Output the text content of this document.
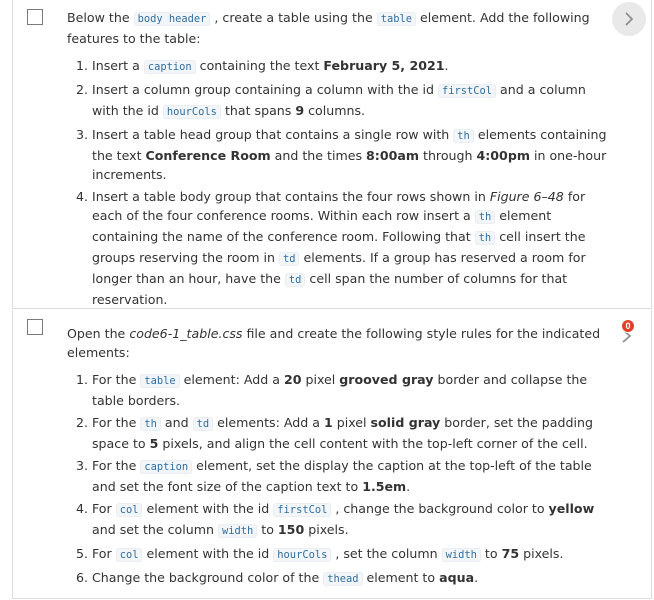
Below the body header , create a table using the table element. Add the following features to the table:

1. Insert a caption containing the text February 5, 2021.
2. Insert a column group containing a column with the id firstCol and a column with the id hourCols that spans 9 columns.
3. Insert a table head group that contains a single row with th elements containing the text Conference Room and the times 8:00am through 4:00pm in one-hour increments.
4. Insert a table body group that contains the four rows shown in Figure 6–48 for each of the four conference rooms. Within each row insert a th element containing the name of the conference room. Following that th cell insert the groups reserving the room in td elements. If a group has reserved a room for longer than an hour, have the td cell span the number of columns for that reservation.

Open the code6-1_table.css file and create the following style rules for the indicated elements:

1. For the table element: Add a 20 pixel grooved gray border and collapse the table borders.
2. For the th and td elements: Add a 1 pixel solid gray border, set the padding space to 5 pixels, and align the cell content with the top-left corner of the cell.
3. For the caption element, set the display the caption at the top-left of the table and set the font size of the caption text to 1.5em.
4. For col element with the id firstCol , change the background color to yellow and set the column width to 150 pixels.
5. For col element with the id hourCols , set the column width to 75 pixels.
6. Change the background color of the thead element to aqua.
0
